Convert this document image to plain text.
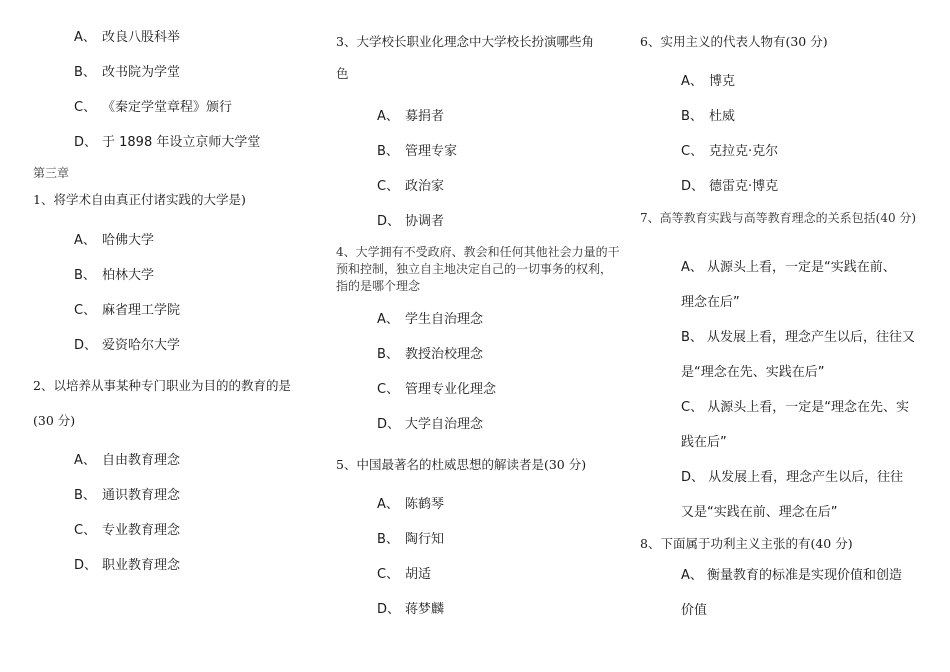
A、 改良八股科举
B、 改书院为学堂
C、 《秦定学堂章程》颁行
D、 于 1898 年设立京师大学堂
第三章
1、将学术自由真正付诸实践的大学是)
A、 哈佛大学
B、 柏林大学
C、 麻省理工学院
D、 爱资哈尔大学
2、以培养从事某种专门职业为目的的教育的是
(30 分)
A、 自由教育理念
B、 通识教育理念
C、 专业教育理念
D、 职业教育理念
3、大学校长职业化理念中大学校长扮演哪些角
色
A、 募捐者
B、 管理专家
C、 政治家
D、 协调者
4、大学拥有不受政府、教会和任何其他社会力量的干预和控制，独立自主地决定自己的一切事务的权利，指的是哪个理念
A、 学生自治理念
B、 教授治校理念
C、 管理专业化理念
D、 大学自治理念
5、中国最著名的杜威思想的解读者是(30 分)
A、 陈鹤琴
B、 陶行知
C、 胡适
D、 蒋梦麟
6、实用主义的代表人物有(30 分)
A、 博克
B、 杜威
C、 克拉克·克尔
D、 德雷克·博克
7、高等教育实践与高等教育理念的关系包括(40 分)
A、 从源头上看，一定是“实践在前、
理念在后”
B、 从发展上看，理念产生以后，往往又
是“理念在先、实践在后”
C、 从源头上看，一定是“理念在先、实
践在后”
D、 从发展上看，理念产生以后，往往
又是“实践在前、理念在后”
8、下面属于功利主义主张的有(40 分)
A、 衡量教育的标准是实现价值和创造
价值
